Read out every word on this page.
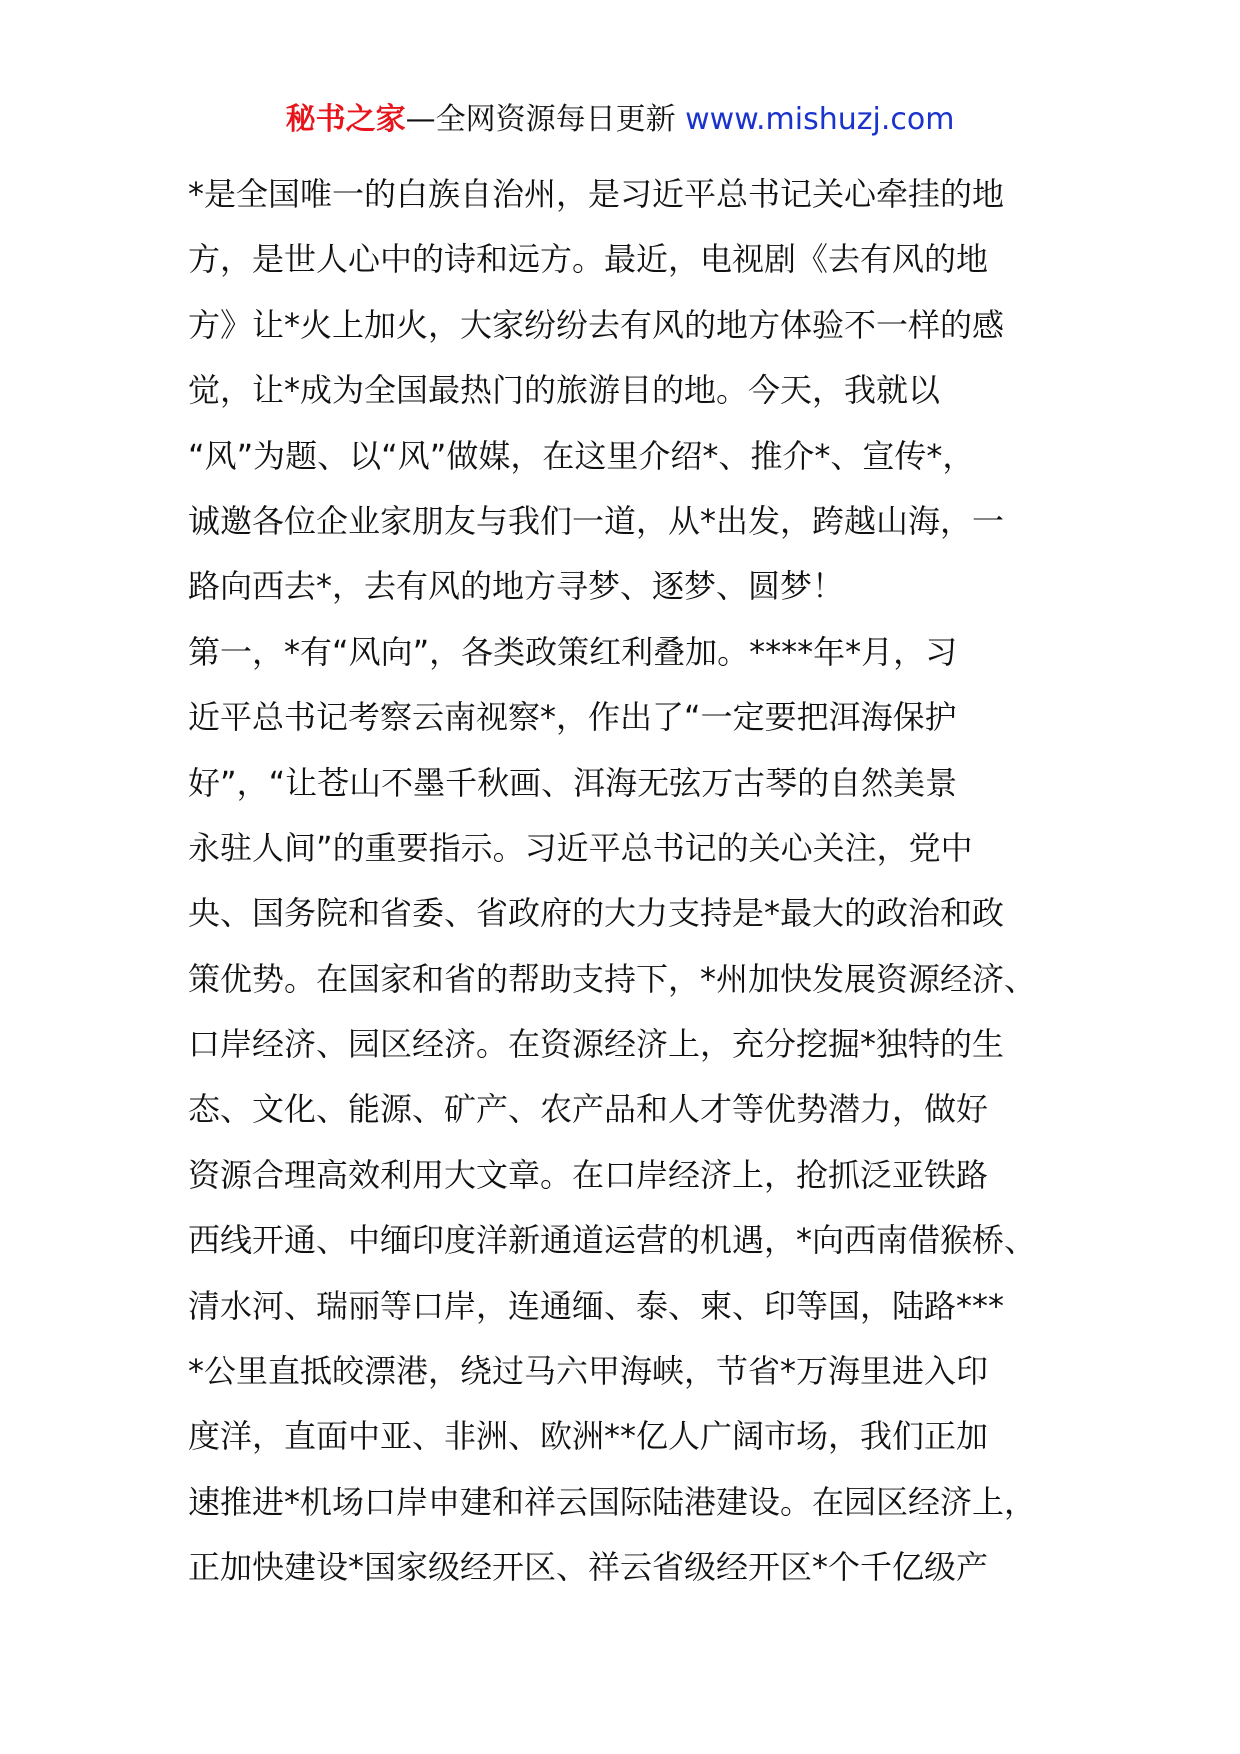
秘书之家—全网资源每日更新 www.mishuzj.com
*是全国唯一的白族自治州，是习近平总书记关心牵挂的地
方，是世人心中的诗和远方。最近，电视剧《去有风的地
方》让*火上加火，大家纷纷去有风的地方体验不一样的感
觉，让*成为全国最热门的旅游目的地。今天，我就以
“风”为题、以“风”做媒，在这里介绍*、推介*、宣传*，
诚邀各位企业家朋友与我们一道，从*出发，跨越山海，一
路向西去*，去有风的地方寻梦、逐梦、圆梦！
第一，*有“风向”，各类政策红利叠加。****年*月，习
近平总书记考察云南视察*，作出了“一定要把洱海保护
好”，“让苍山不墨千秋画、洱海无弦万古琴的自然美景
永驻人间”的重要指示。习近平总书记的关心关注，党中
央、国务院和省委、省政府的大力支持是*最大的政治和政
策优势。在国家和省的帮助支持下，*州加快发展资源经济、
口岸经济、园区经济。在资源经济上，充分挖掘*独特的生
态、文化、能源、矿产、农产品和人才等优势潜力，做好
资源合理高效利用大文章。在口岸经济上，抢抓泛亚铁路
西线开通、中缅印度洋新通道运营的机遇，*向西南借猴桥、
清水河、瑞丽等口岸，连通缅、泰、柬、印等国，陆路***
*公里直抵皎漂港，绕过马六甲海峡，节省*万海里进入印
度洋，直面中亚、非洲、欧洲**亿人广阔市场，我们正加
速推进*机场口岸申建和祥云国际陆港建设。在园区经济上，
正加快建设*国家级经开区、祥云省级经开区*个千亿级产
